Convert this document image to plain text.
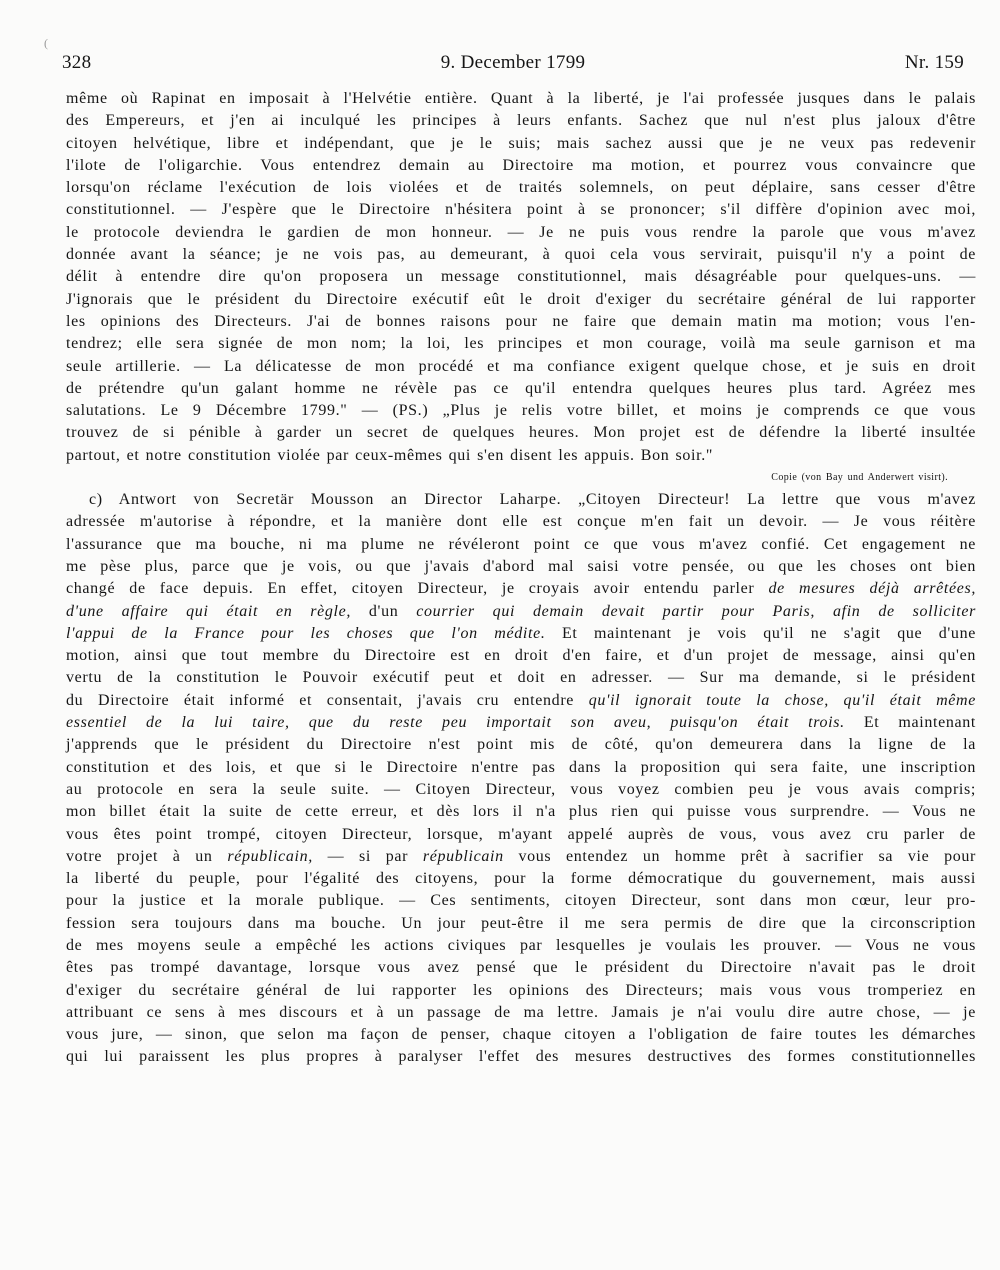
(
328	9. December 1799	Nr. 159
même où Rapinat en imposait à l'Helvétie entière. Quant à la liberté, je l'ai professée jusques dans le palais
des Empereurs, et j'en ai inculqué les principes à leurs enfants. Sachez que nul n'est plus jaloux d'être
citoyen helvétique, libre et indépendant, que je le suis; mais sachez aussi que je ne veux pas redevenir
l'ilote de l'oligarchie. Vous entendrez demain au Directoire ma motion, et pourrez vous convaincre que
lorsqu'on réclame l'exécution de lois violées et de traités solemnels, on peut déplaire, sans cesser d'être
constitutionnel. — J'espère que le Directoire n'hésitera point à se prononcer; s'il diffère d'opinion avec moi,
le protocole deviendra le gardien de mon honneur. — Je ne puis vous rendre la parole que vous m'avez
donnée avant la séance; je ne vois pas, au demeurant, à quoi cela vous servirait, puisqu'il n'y a point de
délit à entendre dire qu'on proposera un message constitutionnel, mais désagréable pour quelques-uns. —
J'ignorais que le président du Directoire exécutif eût le droit d'exiger du secrétaire général de lui rapporter
les opinions des Directeurs. J'ai de bonnes raisons pour ne faire que demain matin ma motion; vous l'en-
tendrez; elle sera signée de mon nom; la loi, les principes et mon courage, voilà ma seule garnison et ma
seule artillerie. — La délicatesse de mon procédé et ma confiance exigent quelque chose, et je suis en droit
de prétendre qu'un galant homme ne révèle pas ce qu'il entendra quelques heures plus tard. Agréez mes
salutations. Le 9 Décembre 1799." — (PS.) „Plus je relis votre billet, et moins je comprends ce que vous
trouvez de si pénible à garder un secret de quelques heures. Mon projet est de défendre la liberté insultée
partout, et notre constitution violée par ceux-mêmes qui s'en disent les appuis. Bon soir."
Copie (von Bay und Anderwert visirt).
c) Antwort von Secretär Mousson an Director Laharpe. „Citoyen Directeur! La lettre que vous m'avez
adressée m'autorise à répondre, et la manière dont elle est conçue m'en fait un devoir. — Je vous réitère
l'assurance que ma bouche, ni ma plume ne révéleront point ce que vous m'avez confié. Cet engagement ne
me pèse plus, parce que je vois, ou que j'avais d'abord mal saisi votre pensée, ou que les choses ont bien
changé de face depuis. En effet, citoyen Directeur, je croyais avoir entendu parler de mesures déjà arrêtées,
d'une affaire qui était en règle, d'un courrier qui demain devait partir pour Paris, afin de solliciter
l'appui de la France pour les choses que l'on médite. Et maintenant je vois qu'il ne s'agit que d'une
motion, ainsi que tout membre du Directoire est en droit d'en faire, et d'un projet de message, ainsi qu'en
vertu de la constitution le Pouvoir exécutif peut et doit en adresser. — Sur ma demande, si le président
du Directoire était informé et consentait, j'avais cru entendre qu'il ignorait toute la chose, qu'il était même
essentiel de la lui taire, que du reste peu importait son aveu, puisqu'on était trois. Et maintenant
j'apprends que le président du Directoire n'est point mis de côté, qu'on demeurera dans la ligne de la
constitution et des lois, et que si le Directoire n'entre pas dans la proposition qui sera faite, une inscription
au protocole en sera la seule suite. — Citoyen Directeur, vous voyez combien peu je vous avais compris;
mon billet était la suite de cette erreur, et dès lors il n'a plus rien qui puisse vous surprendre. — Vous ne
vous êtes point trompé, citoyen Directeur, lorsque, m'ayant appelé auprès de vous, vous avez cru parler de
votre projet à un républicain, — si par républicain vous entendez un homme prêt à sacrifier sa vie pour
la liberté du peuple, pour l'égalité des citoyens, pour la forme démocratique du gouvernement, mais aussi
pour la justice et la morale publique. — Ces sentiments, citoyen Directeur, sont dans mon cœur, leur pro-
fession sera toujours dans ma bouche. Un jour peut-être il me sera permis de dire que la circonscription
de mes moyens seule a empêché les actions civiques par lesquelles je voulais les prouver. — Vous ne vous
êtes pas trompé davantage, lorsque vous avez pensé que le président du Directoire n'avait pas le droit
d'exiger du secrétaire général de lui rapporter les opinions des Directeurs; mais vous vous tromperiez en
attribuant ce sens à mes discours et à un passage de ma lettre. Jamais je n'ai voulu dire autre chose, — je
vous jure, — sinon, que selon ma façon de penser, chaque citoyen a l'obligation de faire toutes les démarches
qui lui paraissent les plus propres à paralyser l'effet des mesures destructives des formes constitutionnelles
